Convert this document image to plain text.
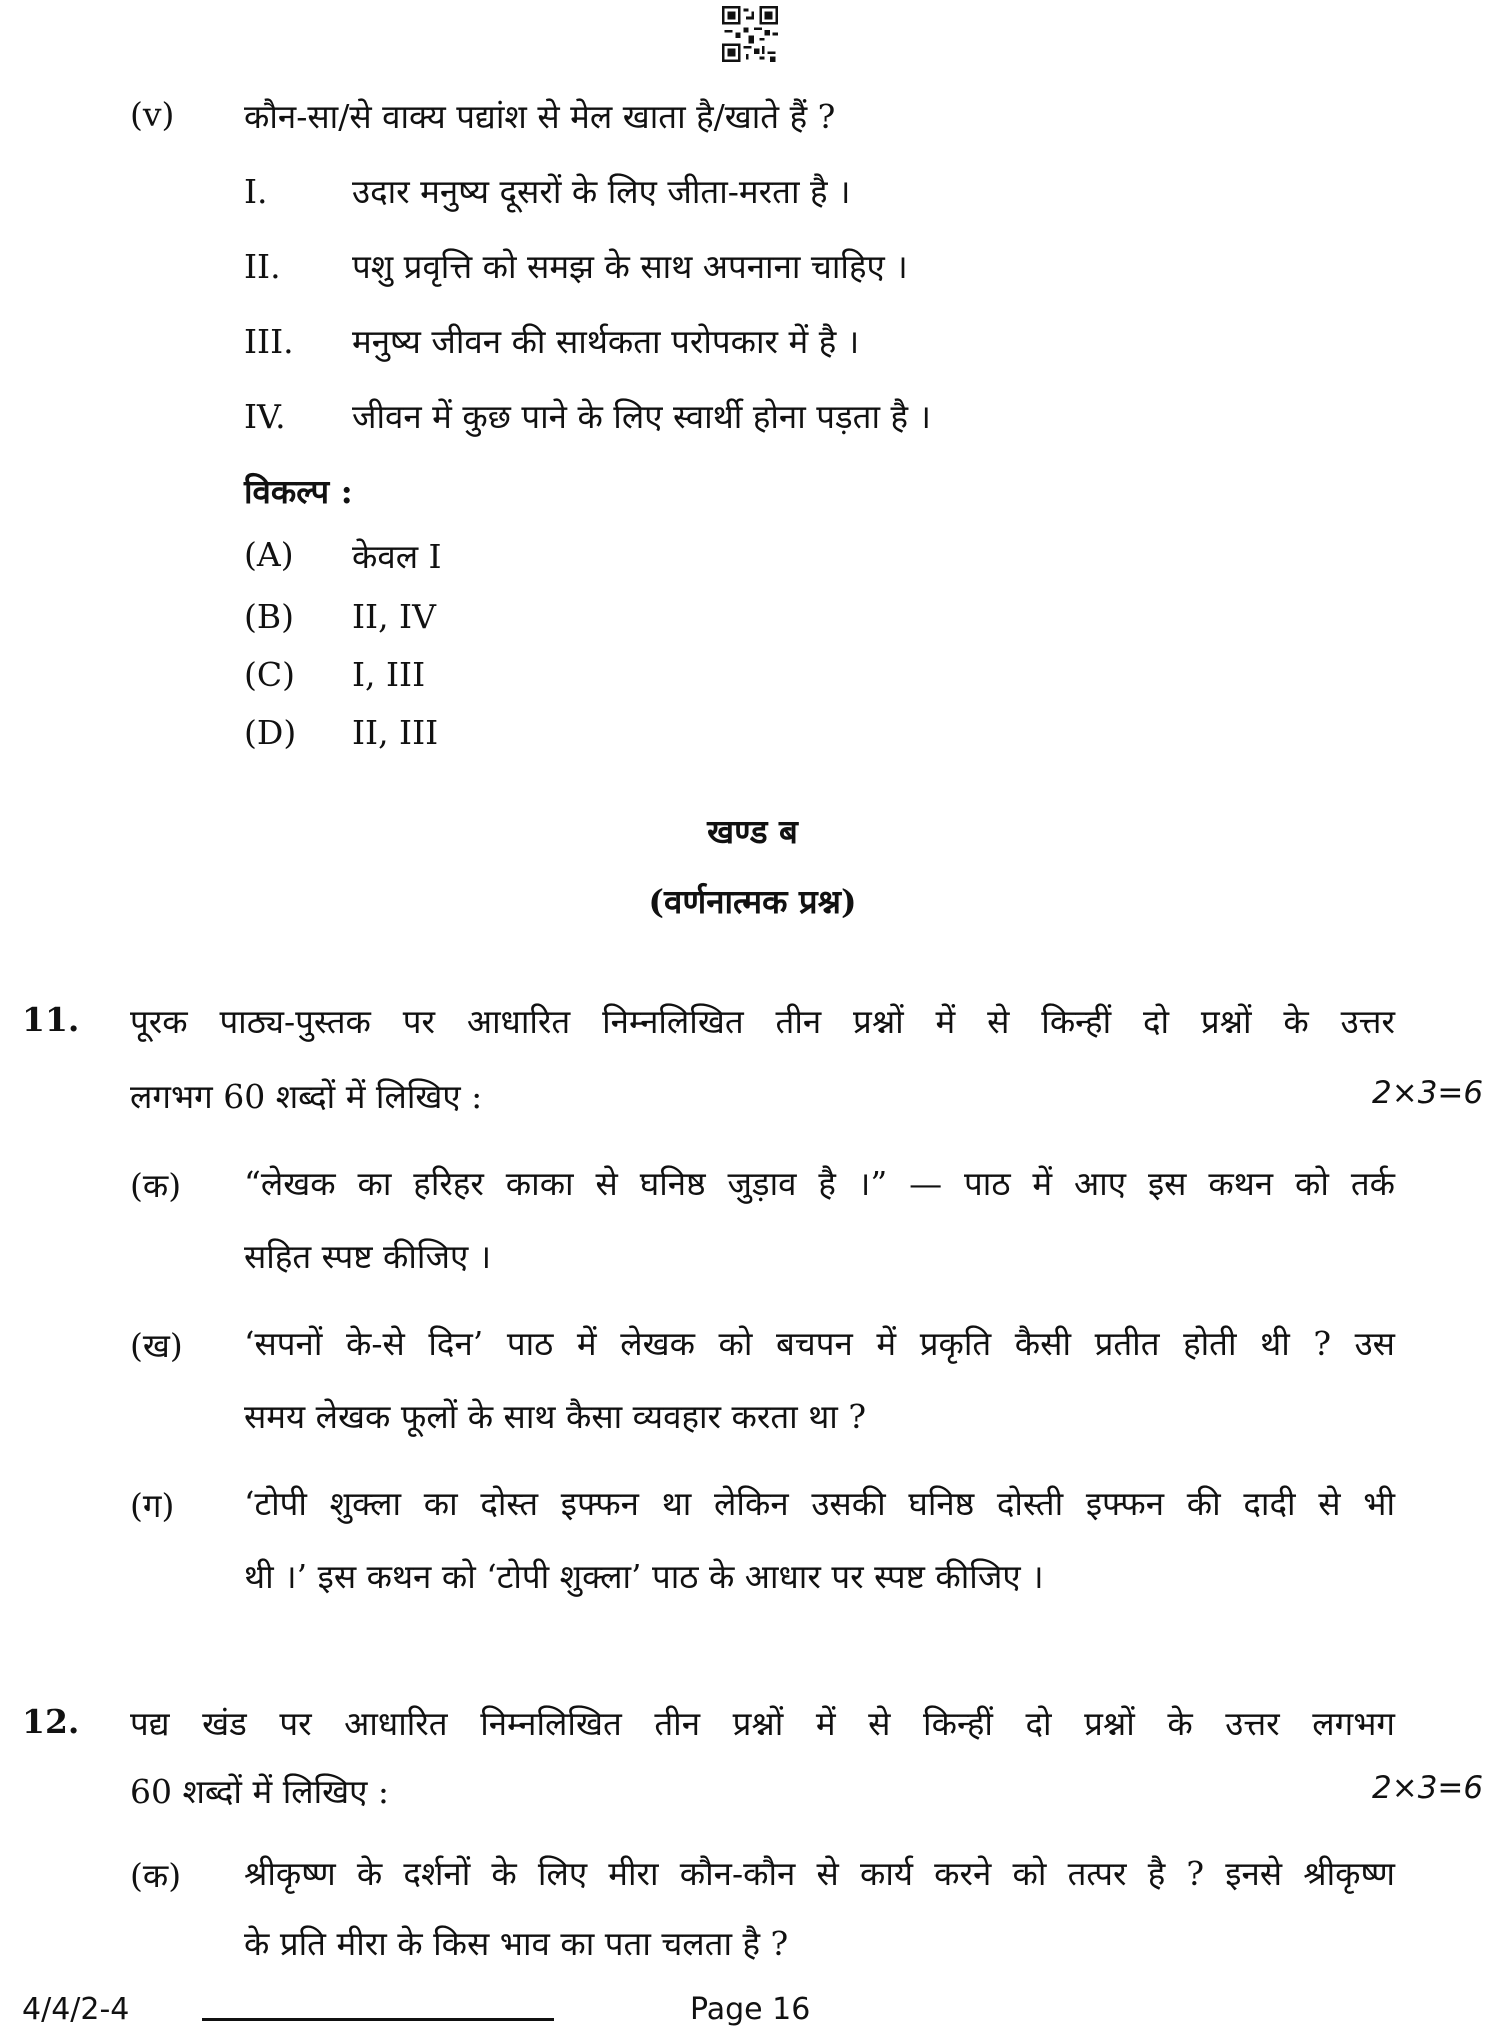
(v) कौन-सा/से वाक्य पद्यांश से मेल खाता है/खाते हैं ?
I.	उदार मनुष्य दूसरों के लिए जीता-मरता है ।
II. पशु प्रवृत्ति को समझ के साथ अपनाना चाहिए ।
III. मनुष्य जीवन की सार्थकता परोपकार में है ।
IV. जीवन में कुछ पाने के लिए स्वार्थी होना पड़ता है ।
विकल्प :
(A) केवल I
(B) II, IV
(C) I, III
(D) II, III
खण्ड ब
(वर्णनात्मक प्रश्न)
11. पूरक पाठ्य-पुस्तक पर आधारित निम्नलिखित तीन प्रश्नों में से किन्हीं दो प्रश्नों के उत्तर
लगभग 60 शब्दों में लिखिए :	2×3=6
(क) “लेखक का हरिहर काका से घनिष्ठ जुड़ाव है ।” — पाठ में आए इस कथन को तर्क
सहित स्पष्ट कीजिए ।
(ख) ‘सपनों के-से दिन’ पाठ में लेखक को बचपन में प्रकृति कैसी प्रतीत होती थी ? उस
समय लेखक फूलों के साथ कैसा व्यवहार करता था ?
(ग) ‘टोपी शुक्ला का दोस्त इफ्फन था लेकिन उसकी घनिष्ठ दोस्ती इफ्फन की दादी से भी
थी ।’ इस कथन को ‘टोपी शुक्ला’ पाठ के आधार पर स्पष्ट कीजिए ।
12. पद्य खंड पर आधारित निम्नलिखित तीन प्रश्नों में से किन्हीं दो प्रश्नों के उत्तर लगभग
60 शब्दों में लिखिए :	2×3=6
(क) श्रीकृष्ण के दर्शनों के लिए मीरा कौन-कौन से कार्य करने को तत्पर है ? इनसे श्रीकृष्ण
के प्रति मीरा के किस भाव का पता चलता है ?
4/4/2-4	Page 16
